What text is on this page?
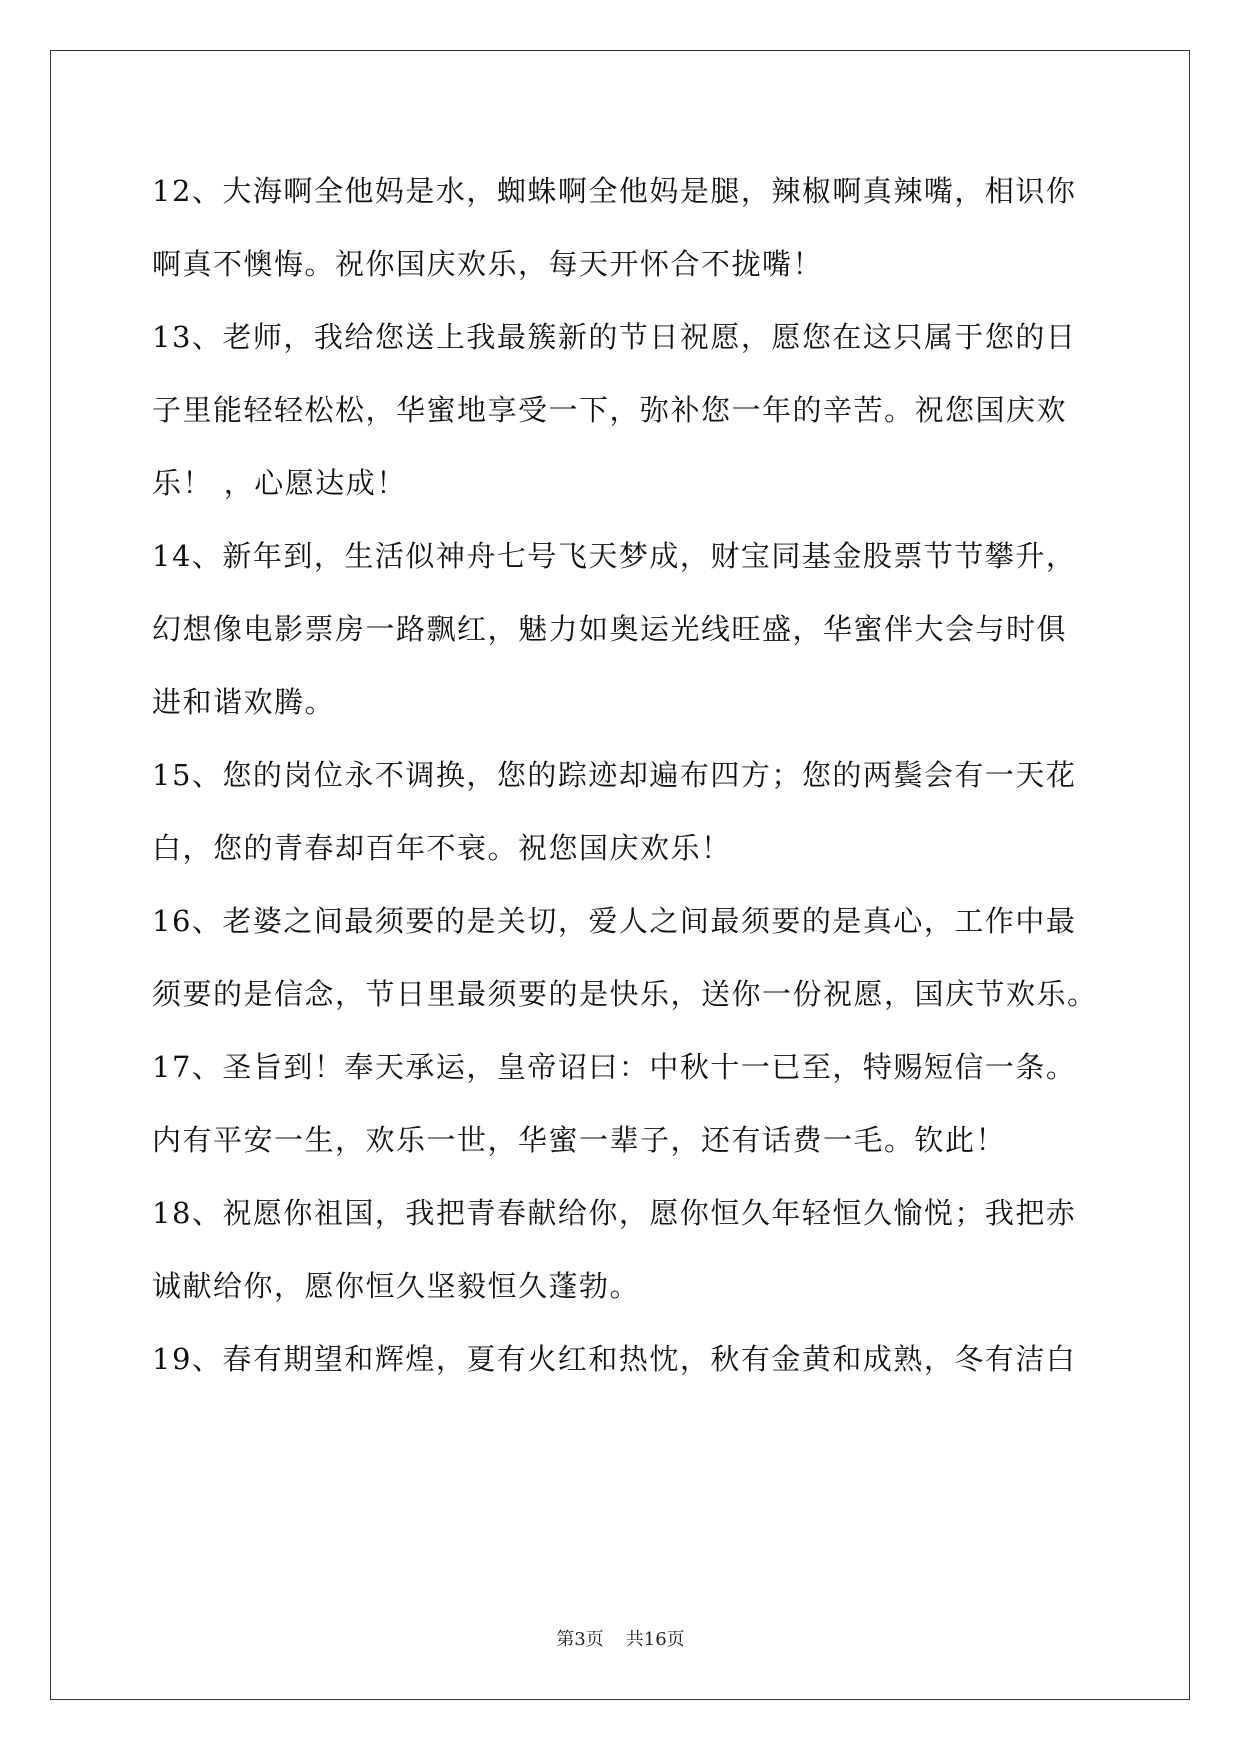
12、大海啊全他妈是水，蜘蛛啊全他妈是腿，辣椒啊真辣嘴，相识你
啊真不懊悔。祝你国庆欢乐，每天开怀合不拢嘴！
13、老师，我给您送上我最簇新的节日祝愿，愿您在这只属于您的日
子里能轻轻松松，华蜜地享受一下，弥补您一年的辛苦。祝您国庆欢
乐！ ，心愿达成！
14、新年到，生活似神舟七号飞天梦成，财宝同基金股票节节攀升，
幻想像电影票房一路飘红，魅力如奥运光线旺盛，华蜜伴大会与时俱
进和谐欢腾。
15、您的岗位永不调换，您的踪迹却遍布四方；您的两鬓会有一天花
白，您的青春却百年不衰。祝您国庆欢乐！
16、老婆之间最须要的是关切，爱人之间最须要的是真心，工作中最
须要的是信念，节日里最须要的是快乐，送你一份祝愿，国庆节欢乐。
17、圣旨到！奉天承运，皇帝诏曰：中秋十一已至，特赐短信一条。
内有平安一生，欢乐一世，华蜜一辈子，还有话费一毛。钦此！
18、祝愿你祖国，我把青春献给你，愿你恒久年轻恒久愉悦；我把赤
诚献给你，愿你恒久坚毅恒久蓬勃。
19、春有期望和辉煌，夏有火红和热忱，秋有金黄和成熟，冬有洁白
第3页 共16页
